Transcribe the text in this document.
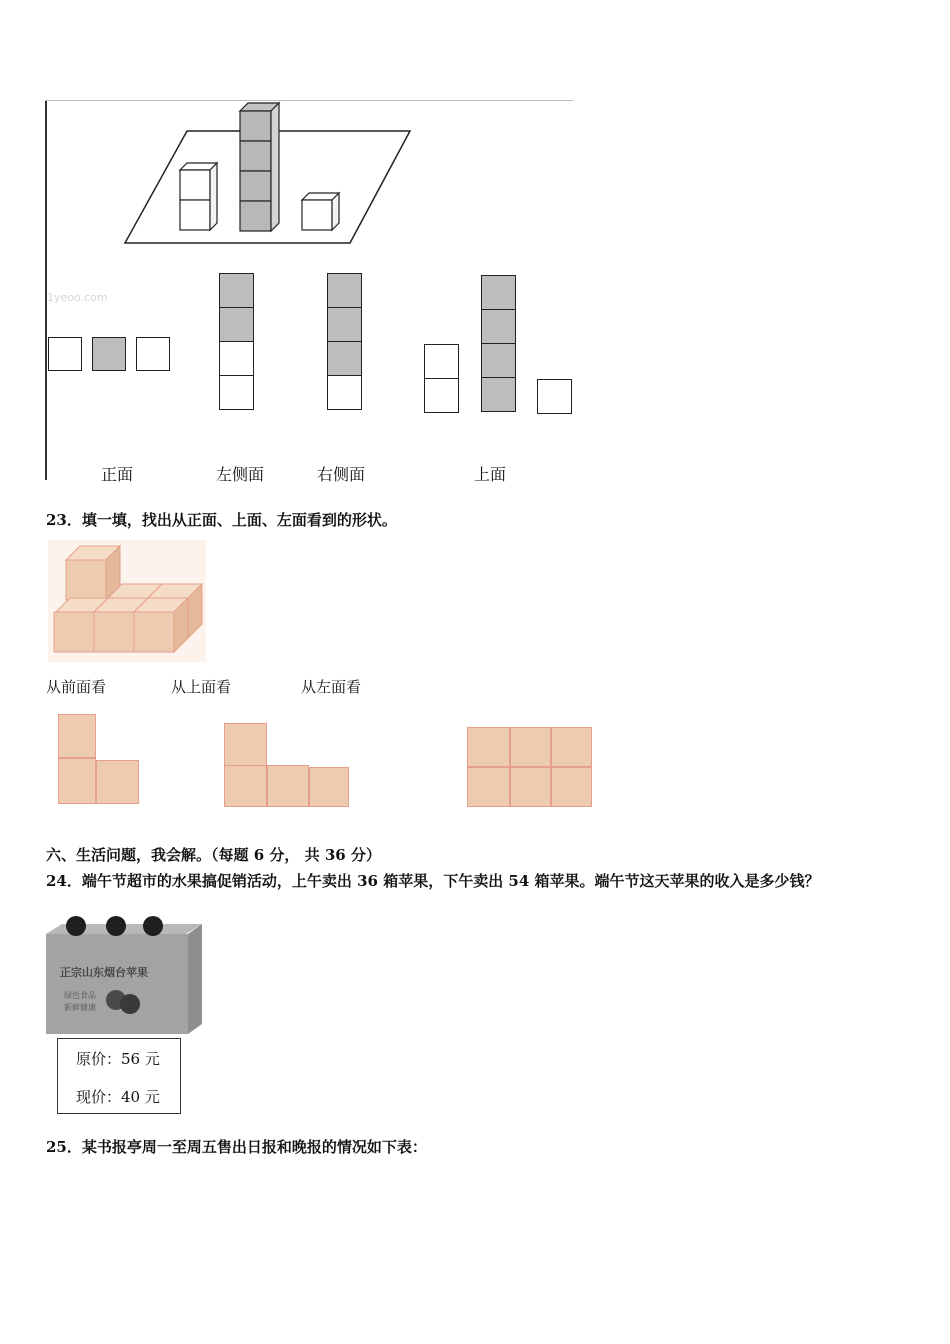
1yeoo.com
正面	左侧面	右侧面	上面
23．填一填，找出从正面、上面、左面看到的形状。
从前面看	从上面看	从左面看
六、生活问题，我会解。（每题 6 分， 共 36 分）
24．端午节超市的水果搞促销活动，上午卖出 36 箱苹果，下午卖出 54 箱苹果。端午节这天苹果的收入是多少钱？
正宗山东烟台苹果
绿色食品
新鲜健康
原价：56 元
现价：40 元
25．某书报亭周一至周五售出日报和晚报的情况如下表：
